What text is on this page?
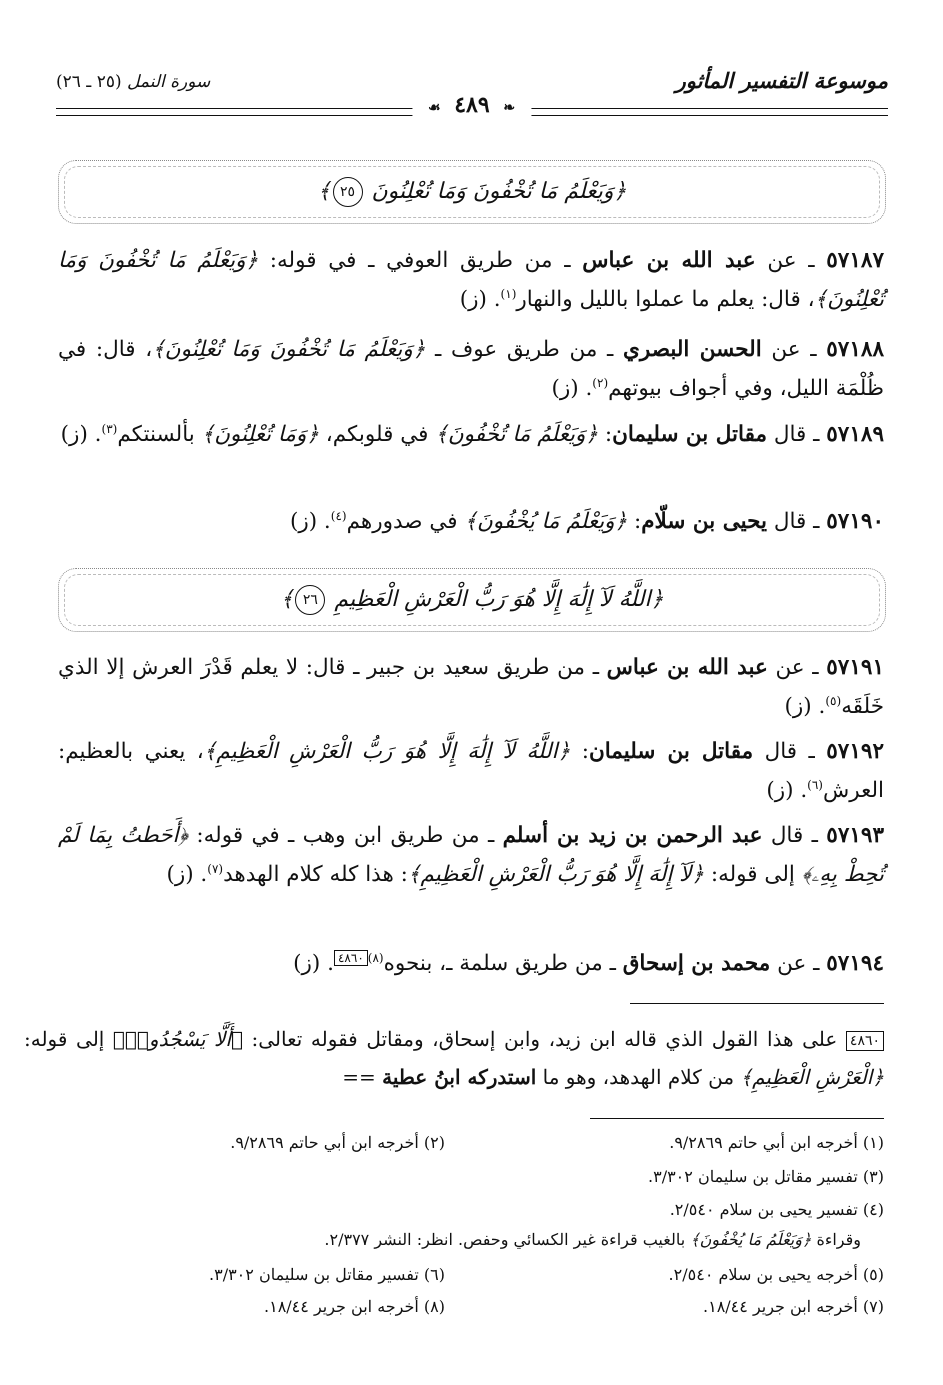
موسوعة التفسير المأثور
سورة النمل (٢٥ ـ ٢٦)
❧ ٤٨٩ ☙
﴿وَيَعْلَمُ مَا تُخْفُونَ وَمَا تُعْلِنُونَ ٢٥﴾
٥٧١٨٧ ـ عن عبد الله بن عباس ـ من طريق العوفي ـ في قوله: ﴿وَيَعْلَمُ مَا تُخْفُونَ وَمَا تُعْلِنُونَ﴾، قال: يعلم ما عملوا بالليل والنهار$^{(١)}$. (ز)
٥٧١٨٨ ـ عن الحسن البصري ـ من طريق عوف ـ ﴿وَيَعْلَمُ مَا تُخْفُونَ وَمَا تُعْلِنُونَ﴾، قال: في ظُلْمَة الليل، وفي أجواف بيوتهم$^{(٢)}$. (ز)
٥٧١٨٩ ـ قال مقاتل بن سليمان: ﴿وَيَعْلَمُ مَا تُخْفُونَ﴾ في قلوبكم، ﴿وَمَا تُعْلِنُونَ﴾ بألسنتكم$^{(٣)}$. (ز)
٥٧١٩٠ ـ قال يحيى بن سلّام: ﴿وَيَعْلَمُ مَا يُخْفُونَ﴾ في صدورهم$^{(٤)}$. (ز)
﴿اللَّهُ لَآ إِلَٰهَ إِلَّا هُوَ رَبُّ الْعَرْشِ الْعَظِيمِ ٢٦﴾
٥٧١٩١ ـ عن عبد الله بن عباس ـ من طريق سعيد بن جبير ـ قال: لا يعلم قَدْرَ العرش إلا الذي خَلَقَه$^{(٥)}$. (ز)
٥٧١٩٢ ـ قال مقاتل بن سليمان: ﴿اللَّهُ لَآ إِلَٰهَ إِلَّا هُوَ رَبُّ الْعَرْشِ الْعَظِيمِ﴾، يعني بالعظيم: العرش$^{(٦)}$. (ز)
٥٧١٩٣ ـ قال عبد الرحمن بن زيد بن أسلم ـ من طريق ابن وهب ـ في قوله: ﴿أَحَطتُ بِمَا لَمْ تُحِطْ بِهِۦ﴾ إلى قوله: ﴿لَآ إِلَٰهَ إِلَّا هُوَ رَبُّ الْعَرْشِ الْعَظِيمِ﴾: هذا كله كلام الهدهد$^{(٧)}$. (ز)
٥٧١٩٤ ـ عن محمد بن إسحاق ـ من طريق سلمة ـ، بنحوه$^{(٨)}$٤٨٦٠. (ز)
٤٨٦٠ على هذا القول الذي قاله ابن زيد، وابن إسحاق، ومقاتل فقوله تعالى: ﴿أَلَّا يَسْجُدُوا۟﴾ إلى قوله: ﴿الْعَرْشِ الْعَظِيمِ﴾ من كلام الهدهد، وهو ما استدركه ابنُ عطية ==
(١) أخرجه ابن أبي حاتم ٩/٢٨٦٩.
(٢) أخرجه ابن أبي حاتم ٩/٢٨٦٩.
(٣) تفسير مقاتل بن سليمان ٣/٣٠٢.
(٤) تفسير يحيى بن سلام ٢/٥٤٠.
وقراءة ﴿وَيَعْلَمُ مَا يُخْفُونَ﴾ بالغيب قراءة غير الكسائي وحفص. انظر: النشر ٢/٣٧٧.
(٥) أخرجه يحيى بن سلام ٢/٥٤٠.
(٦) تفسير مقاتل بن سليمان ٣/٣٠٢.
(٧) أخرجه ابن جرير ١٨/٤٤.
(٨) أخرجه ابن جرير ١٨/٤٤.
